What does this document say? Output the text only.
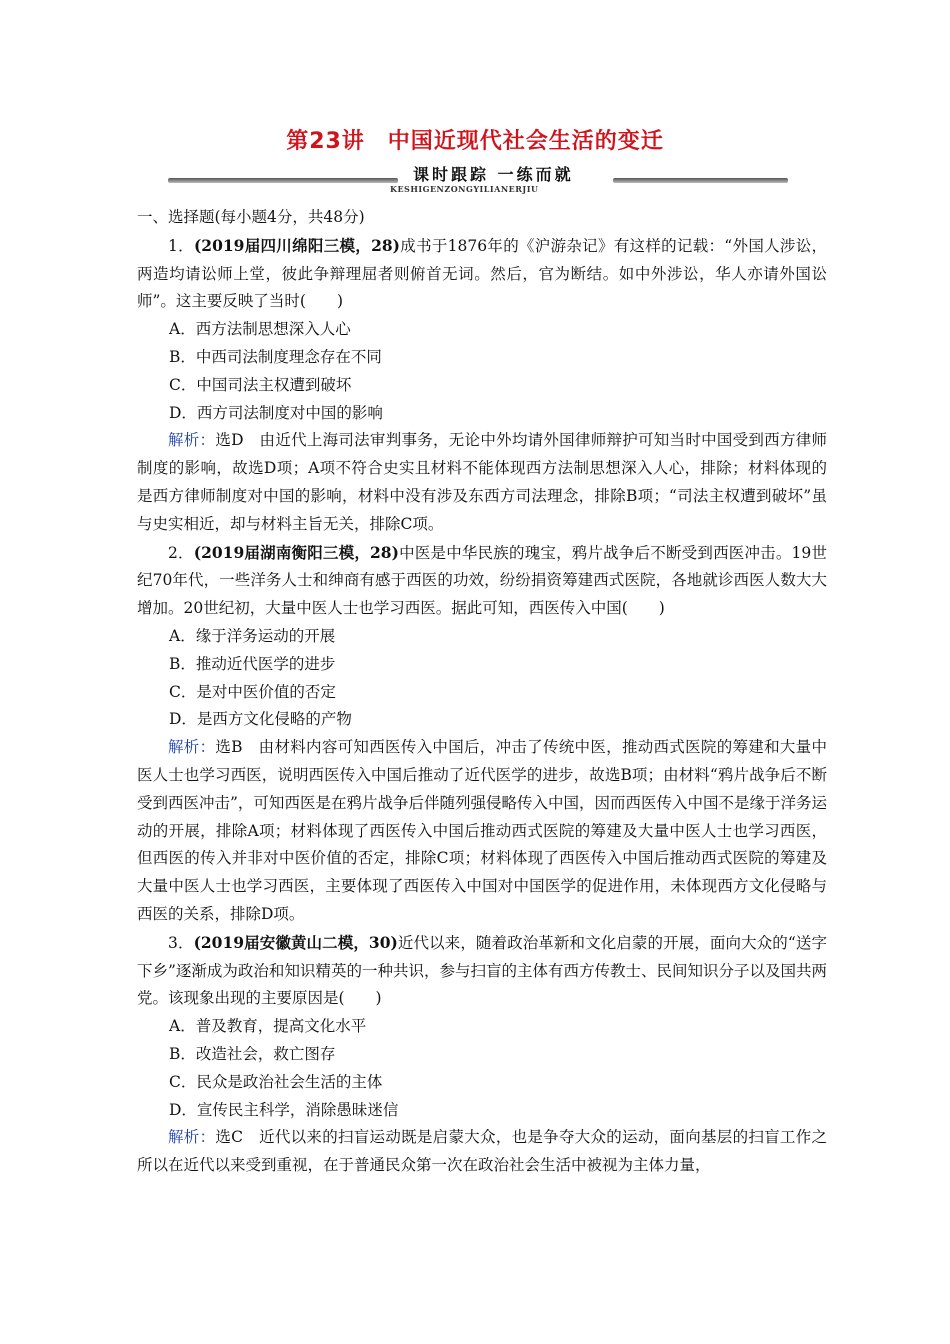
第23讲　中国近现代社会生活的变迁
课时跟踪 一练而就
KESHIGENZONGYILIANERJIU

一、选择题(每小题4分，共48分)

1．(2019届四川绵阳三模，28)成书于1876年的《沪游杂记》有这样的记载：“外国人涉讼，两造均请讼师上堂，彼此争辩理屈者则俯首无词。然后，官为断结。如中外涉讼，华人亦请外国讼师”。这主要反映了当时(　　)

A．西方法制思想深入人心

B．中西司法制度理念存在不同

C．中国司法主权遭到破坏

D．西方司法制度对中国的影响

解析：选D　由近代上海司法审判事务，无论中外均请外国律师辩护可知当时中国受到西方律师制度的影响，故选D项；A项不符合史实且材料不能体现西方法制思想深入人心，排除；材料体现的是西方律师制度对中国的影响，材料中没有涉及东西方司法理念，排除B项；“司法主权遭到破坏”虽与史实相近，却与材料主旨无关，排除C项。

2．(2019届湖南衡阳三模，28)中医是中华民族的瑰宝，鸦片战争后不断受到西医冲击。19世纪70年代，一些洋务人士和绅商有感于西医的功效，纷纷捐资筹建西式医院，各地就诊西医人数大大增加。20世纪初，大量中医人士也学习西医。据此可知，西医传入中国(　　)

A．缘于洋务运动的开展

B．推动近代医学的进步

C．是对中医价值的否定

D．是西方文化侵略的产物

解析：选B　由材料内容可知西医传入中国后，冲击了传统中医，推动西式医院的筹建和大量中医人士也学习西医，说明西医传入中国后推动了近代医学的进步，故选B项；由材料“鸦片战争后不断受到西医冲击”，可知西医是在鸦片战争后伴随列强侵略传入中国，因而西医传入中国不是缘于洋务运动的开展，排除A项；材料体现了西医传入中国后推动西式医院的筹建及大量中医人士也学习西医，但西医的传入并非对中医价值的否定，排除C项；材料体现了西医传入中国后推动西式医院的筹建及大量中医人士也学习西医，主要体现了西医传入中国对中国医学的促进作用，未体现西方文化侵略与西医的关系，排除D项。

3．(2019届安徽黄山二模，30)近代以来，随着政治革新和文化启蒙的开展，面向大众的“送字下乡”逐渐成为政治和知识精英的一种共识，参与扫盲的主体有西方传教士、民间知识分子以及国共两党。该现象出现的主要原因是(　　)

A．普及教育，提高文化水平

B．改造社会，救亡图存

C．民众是政治社会生活的主体

D．宣传民主科学，消除愚昧迷信

解析：选C　近代以来的扫盲运动既是启蒙大众，也是争夺大众的运动，面向基层的扫盲工作之所以在近代以来受到重视，在于普通民众第一次在政治社会生活中被视为主体力量，
